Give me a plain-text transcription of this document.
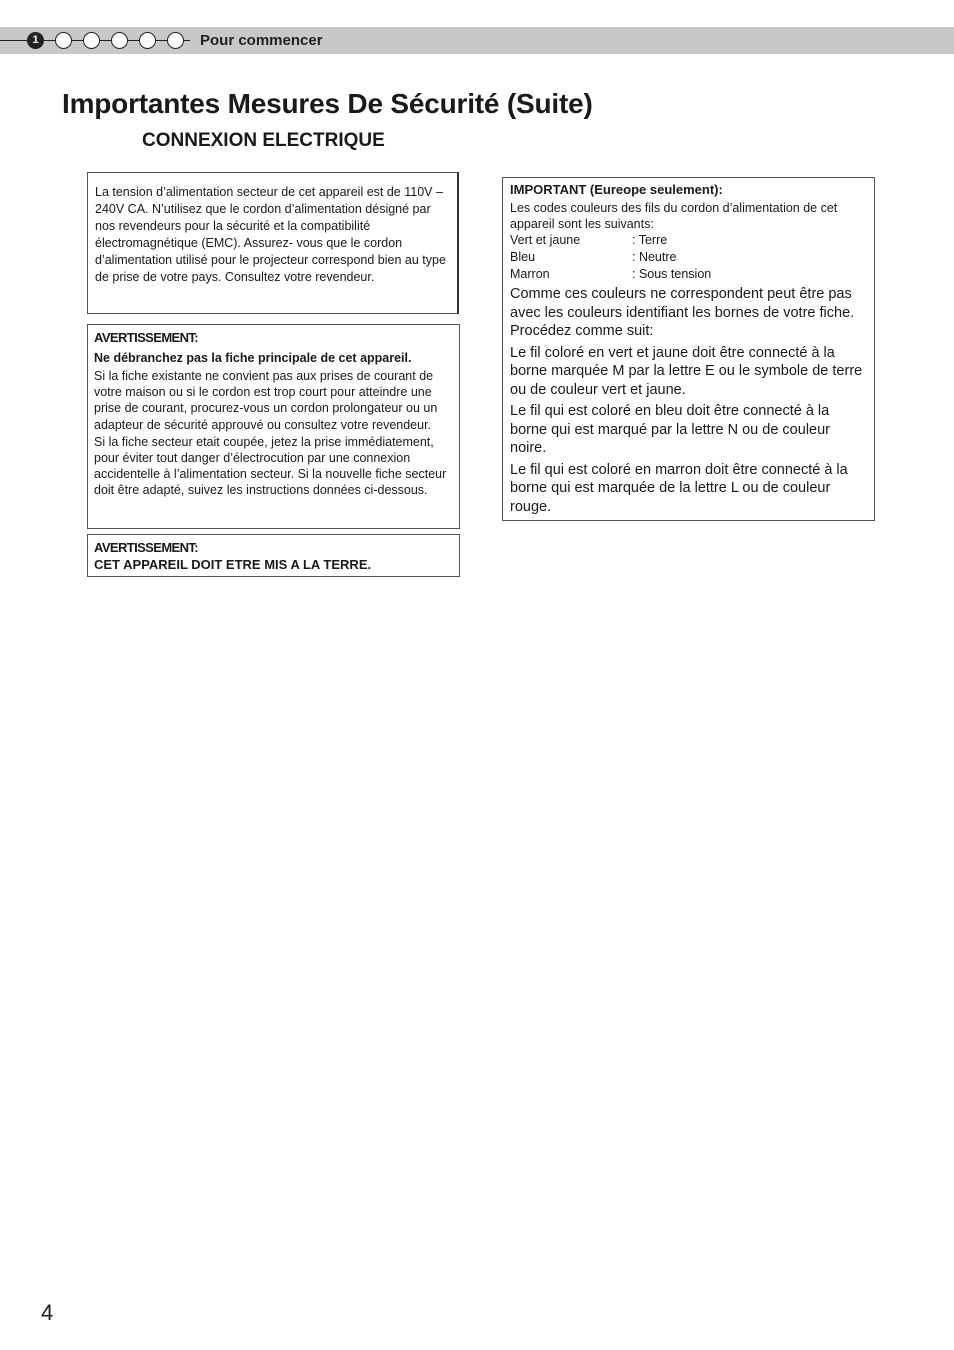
1	Pour commencer
Importantes Mesures De Sécurité (Suite)
CONNEXION ELECTRIQUE

La tension d’alimentation secteur de cet appareil est de 110V – 240V CA. N’utilisez que le cordon d’alimentation désigné par nos revendeurs pour la sécurité et la compatibilité électromagnétique (EMC). Assurez- vous que le cordon d’alimentation utilisé pour le projecteur correspond bien au type de prise de votre pays. Consultez votre revendeur.

AVERTISSEMENT:

Ne débranchez pas la fiche principale de cet appareil.

Si la fiche existante ne convient pas aux prises de courant de votre maison ou si le cordon est trop court pour atteindre une prise de courant, procurez-vous un cordon prolongateur ou un adapteur de sécurité approuvé ou consultez votre revendeur.

Si la fiche secteur etait coupée, jetez la prise immédiatement, pour éviter tout danger d’électrocution par une connexion accidentelle à l’alimentation secteur. Si la nouvelle fiche secteur doit être adapté, suivez les instructions données ci-dessous.

AVERTISSEMENT:

CET APPAREIL DOIT ETRE MIS A LA TERRE.

IMPORTANT (Eureope seulement):

Les codes couleurs des fils du cordon d’alimentation de cet appareil sont les suivants:

Vert et jaune	: Terre
Bleu	: Neutre
Marron	: Sous tension

Comme ces couleurs ne correspondent peut être pas avec les couleurs identifiant les bornes de votre fiche. Procédez comme suit:

Le fil coloré en vert et jaune doit être connecté à la borne marquée M par la lettre E ou le symbole de terre ou de couleur vert et jaune.

Le fil qui est coloré en bleu doit être connecté à la borne qui est marqué par la lettre N ou de couleur noire.

Le fil qui est coloré en marron doit être connecté à la borne qui est marquée de la lettre L ou de couleur rouge.

4
